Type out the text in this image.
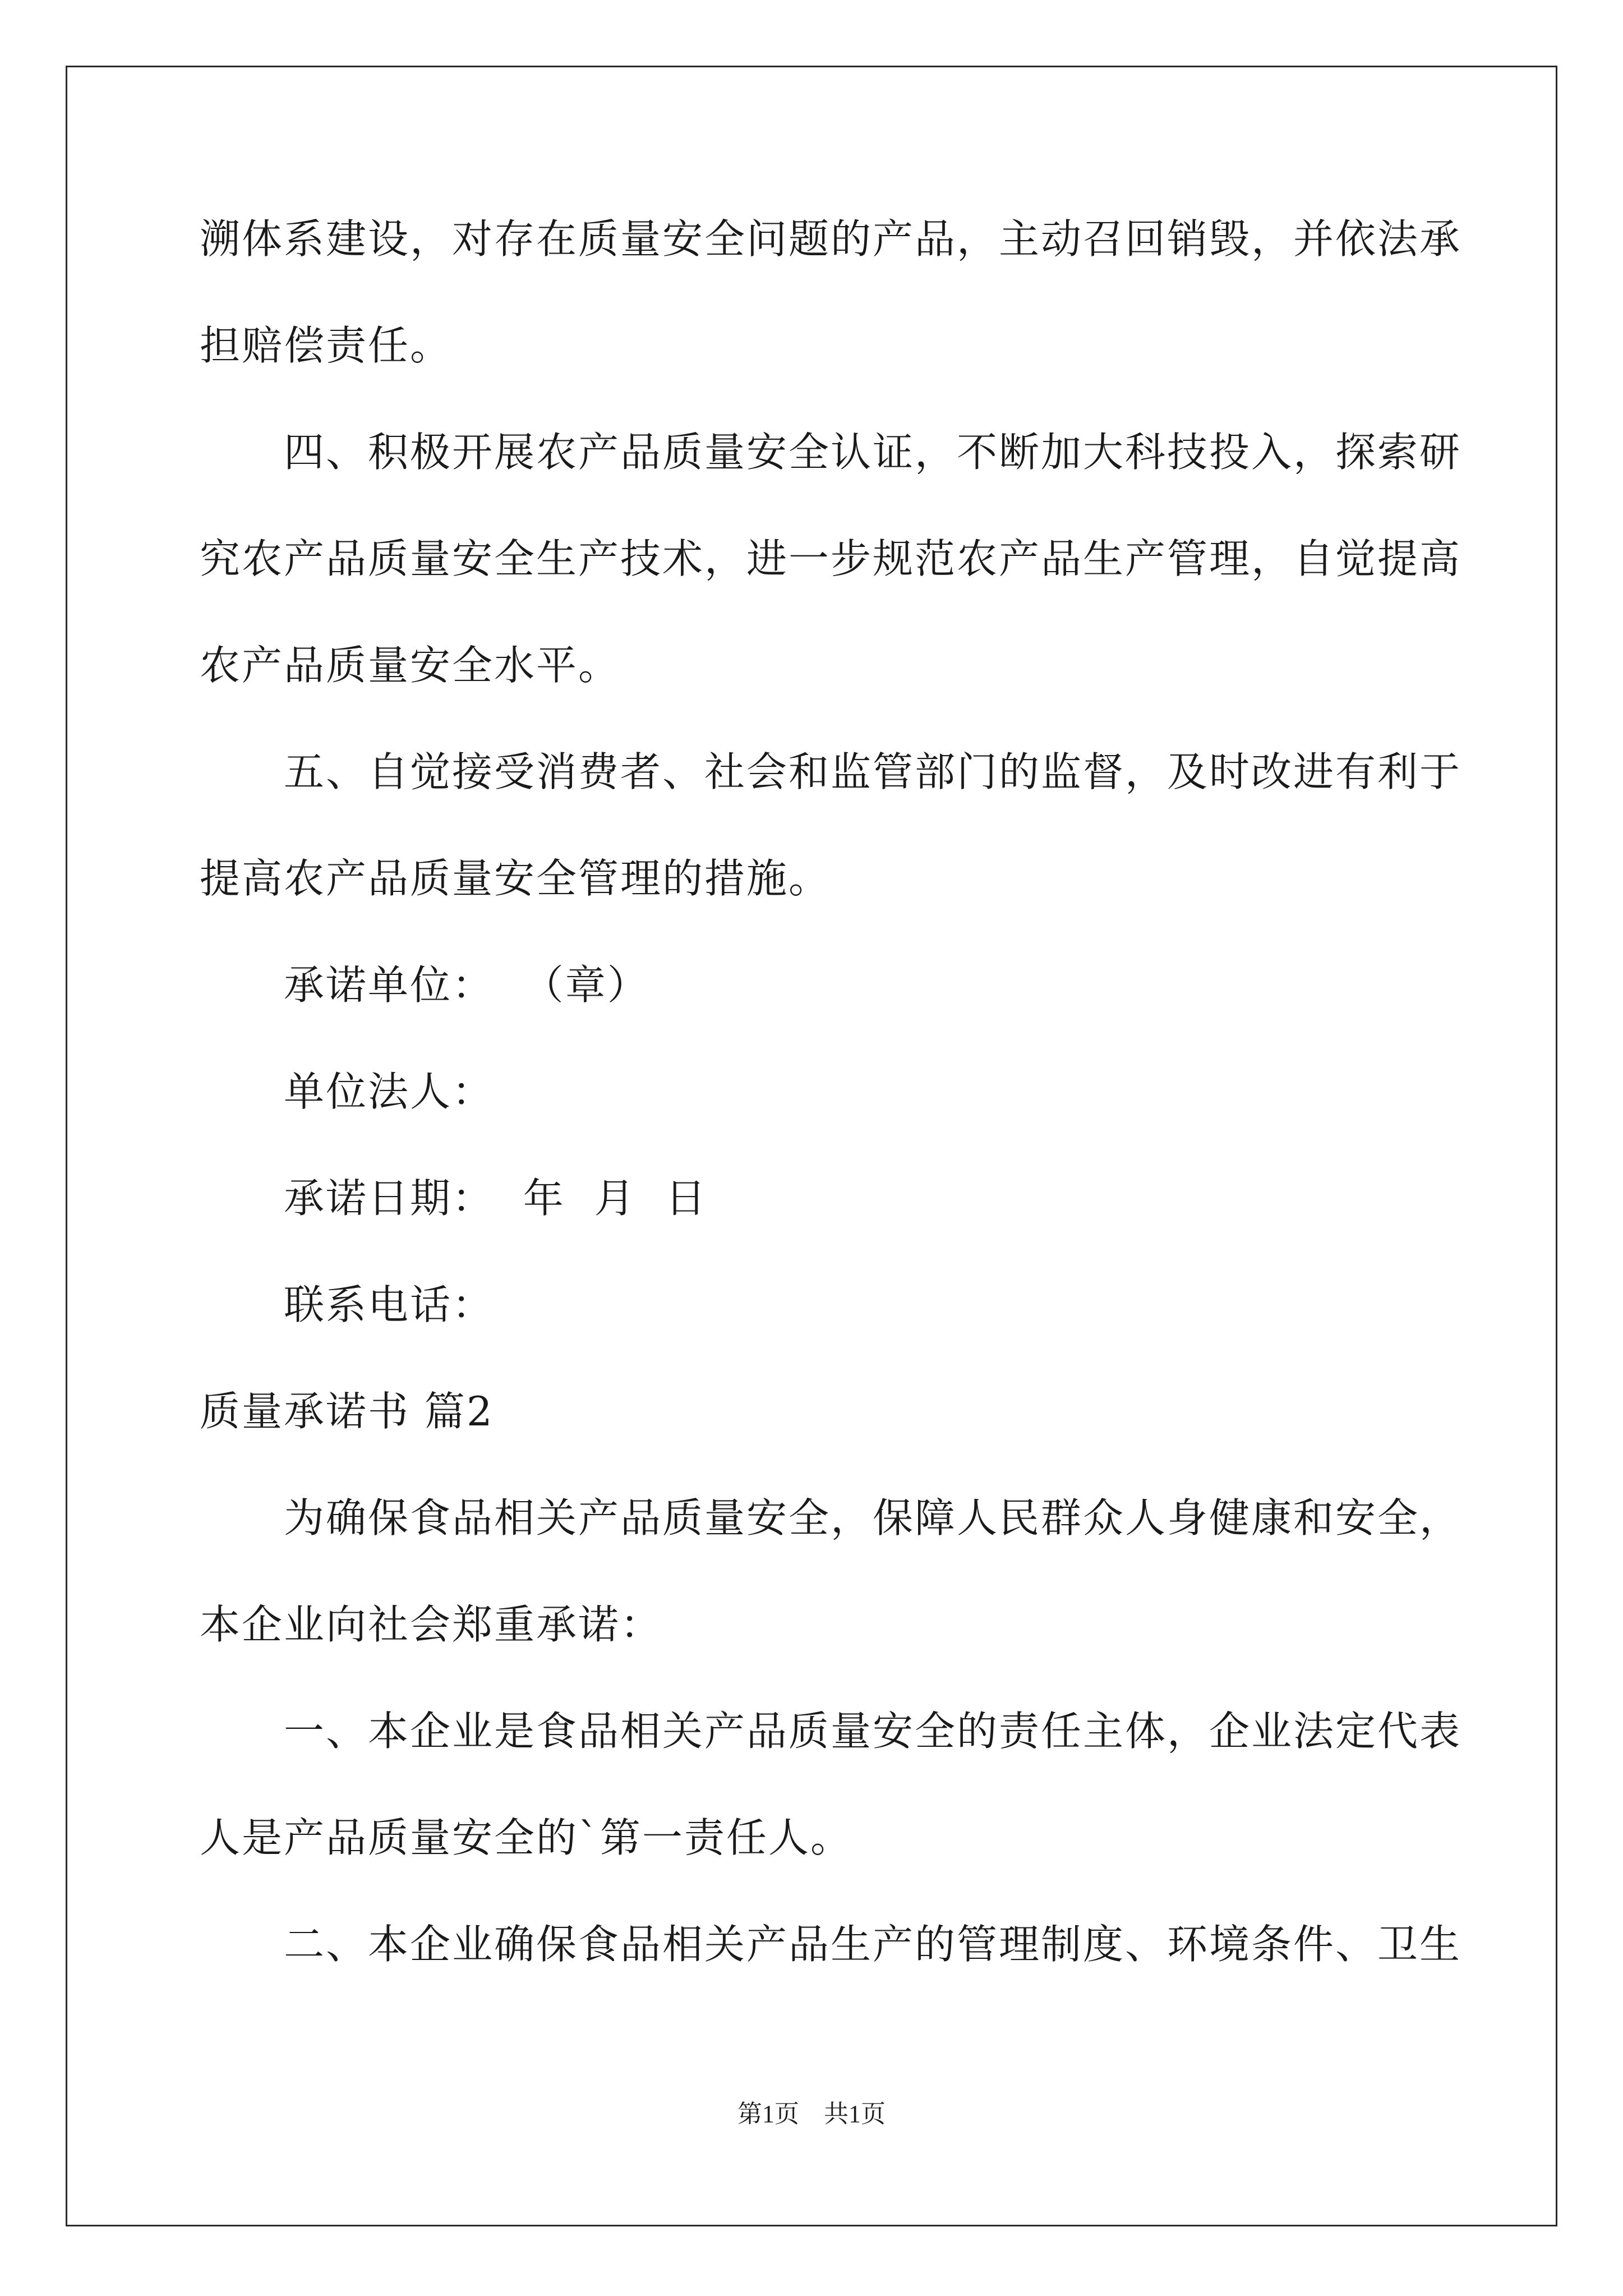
溯体系建设，对存在质量安全问题的产品，主动召回销毁，并依法承
担赔偿责任。
四、积极开展农产品质量安全认证，不断加大科技投入，探索研
究农产品质量安全生产技术，进一步规范农产品生产管理，自觉提高
农产品质量安全水平。
五、自觉接受消费者、社会和监管部门的监督，及时改进有利于
提高农产品质量安全管理的措施。
承诺单位：  （章）
单位法人：
承诺日期：  年  月  日
联系电话：
质量承诺书 篇2
为确保食品相关产品质量安全，保障人民群众人身健康和安全，
本企业向社会郑重承诺：
一、本企业是食品相关产品质量安全的责任主体，企业法定代表
人是产品质量安全的`第一责任人。
二、本企业确保食品相关产品生产的管理制度、环境条件、卫生
第1页 共1页
